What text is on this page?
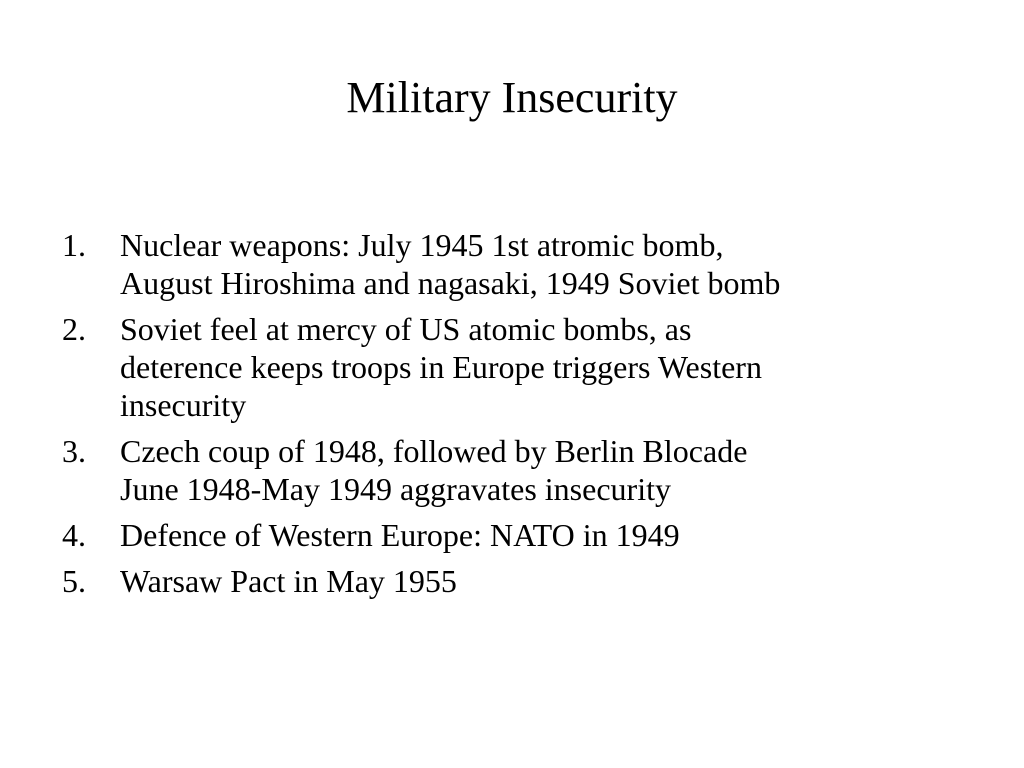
Military Insecurity
1.	Nuclear weapons: July 1945 1st atromic bomb,
August Hiroshima and nagasaki, 1949 Soviet bomb
2.	Soviet feel at mercy of US atomic bombs, as
deterence keeps troops in Europe triggers Western
insecurity
3.	Czech coup of 1948, followed by Berlin Blocade
June 1948-May 1949 aggravates insecurity
4.	Defence of Western Europe: NATO in 1949
5.	Warsaw Pact in May 1955
